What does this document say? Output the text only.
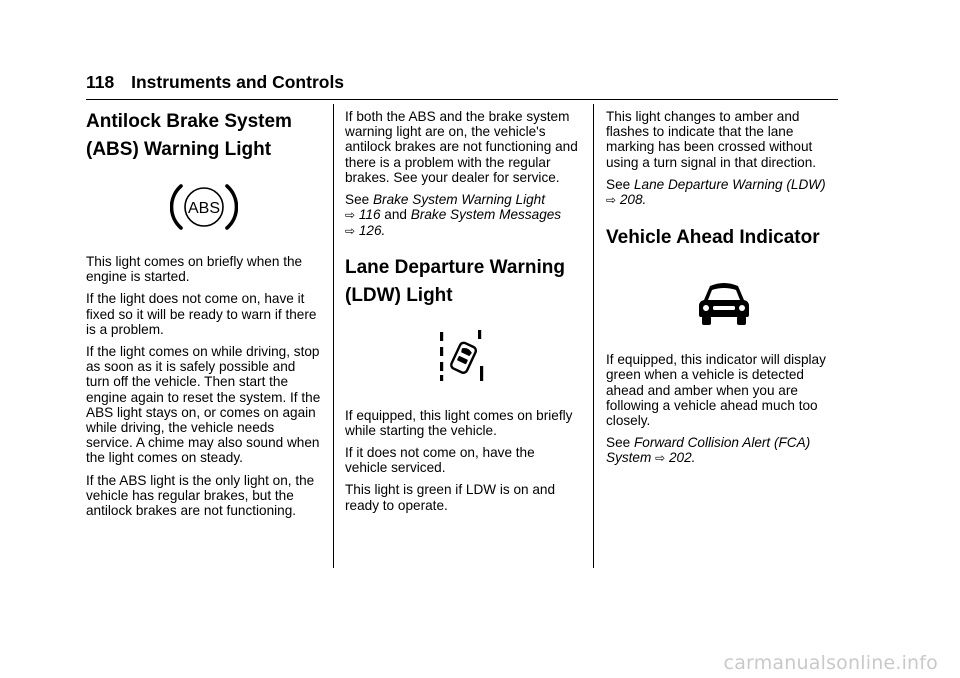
118 Instruments and Controls
Antilock Brake System
(ABS) Warning Light
ABS

This light comes on briefly when the engine is started.

If the light does not come on, have it fixed so it will be ready to warn if there is a problem.

If the light comes on while driving, stop as soon as it is safely possible and turn off the vehicle. Then start the engine again to reset the system. If the ABS light stays on, or comes on again while driving, the vehicle needs service. A chime may also sound when the light comes on steady.

If the ABS light is the only light on, the vehicle has regular brakes, but the antilock brakes are not functioning.

If both the ABS and the brake system warning light are on, the vehicle's antilock brakes are not functioning and there is a problem with the regular brakes. See your dealer for service.

See Brake System Warning Light
⇨ 116 and Brake System Messages
⇨ 126.

Lane Departure Warning
(LDW) Light

If equipped, this light comes on briefly while starting the vehicle.

If it does not come on, have the vehicle serviced.

This light is green if LDW is on and ready to operate.

This light changes to amber and flashes to indicate that the lane marking has been crossed without using a turn signal in that direction.

See Lane Departure Warning (LDW)
⇨ 208.

Vehicle Ahead Indicator

If equipped, this indicator will display green when a vehicle is detected ahead and amber when you are following a vehicle ahead much too closely.

See Forward Collision Alert (FCA) System ⇨ 202.

carmanualsonline.info
